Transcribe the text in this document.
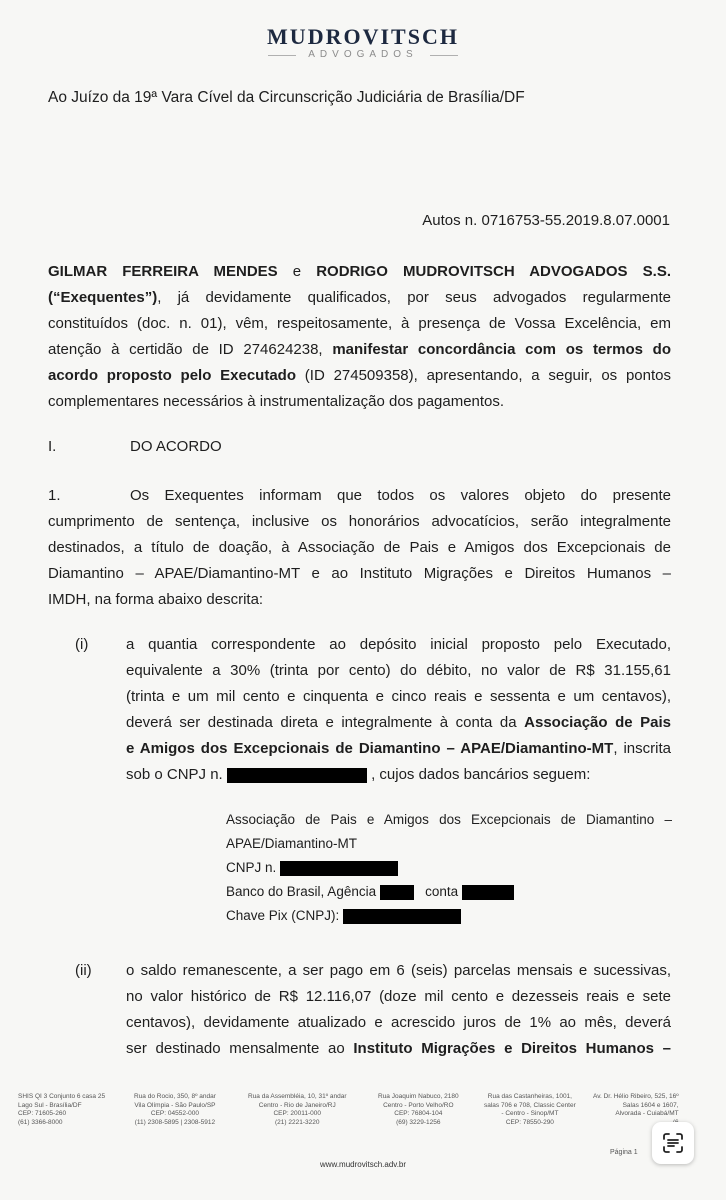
MUDROVITSCH
ADVOGADOS
Ao Juízo da 19ª Vara Cível da Circunscrição Judiciária de Brasília/DF
Autos n. 0716753-55.2019.8.07.0001
GILMAR FERREIRA MENDES e RODRIGO MUDROVITSCH ADVOGADOS S.S.
(“Exequentes”), já devidamente qualificados, por seus advogados regularmente
constituídos (doc. n. 01), vêm, respeitosamente, à presença de Vossa Excelência, em
atenção à certidão de ID 274624238, manifestar concordância com os termos do
acordo proposto pelo Executado (ID 274509358), apresentando, a seguir, os pontos
complementares necessários à instrumentalização dos pagamentos.
I.	DO ACORDO
1.	Os Exequentes informam que todos os valores objeto do presente
cumprimento de sentença, inclusive os honorários advocatícios, serão integralmente
destinados, a título de doação, à Associação de Pais e Amigos dos Excepcionais de
Diamantino – APAE/Diamantino-MT e ao Instituto Migrações e Direitos Humanos –
IMDH, na forma abaixo descrita:
(i)	a quantia correspondente ao depósito inicial proposto pelo Executado,
equivalente a 30% (trinta por cento) do débito, no valor de R$ 31.155,61
(trinta e um mil cento e cinquenta e cinco reais e sessenta e um centavos),
deverá ser destinada direta e integralmente à conta da Associação de Pais
e Amigos dos Excepcionais de Diamantino – APAE/Diamantino-MT, inscrita
sob o CNPJ n.	, cujos dados bancários seguem:
Associação de Pais e Amigos dos Excepcionais de Diamantino –
APAE/Diamantino-MT
CNPJ n.
Banco do Brasil, Agência	conta
Chave Pix (CNPJ):
(ii) o saldo remanescente, a ser pago em 6 (seis) parcelas mensais e sucessivas,
no valor histórico de R$ 12.116,07 (doze mil cento e dezesseis reais e sete
centavos), devidamente atualizado e acrescido juros de 1% ao mês, deverá
ser destinado mensalmente ao Instituto Migrações e Direitos Humanos –
SHIS QI 3 Conjunto 6 casa 25
Lago Sul - Brasília/DF
CEP: 71605-260
(61) 3366-8000
Rua do Rocio, 350, 8º andar
Vila Olímpia - São Paulo/SP
CEP: 04552-000
(11) 2308-5895 | 2308-5912
Rua da Assembléia, 10, 31º andar
Centro - Rio de Janeiro/RJ
CEP: 20011-000
(21) 2221-3220
Rua Joaquim Nabuco, 2180
Centro - Porto Velho/RO
CEP: 76804-104
(69) 3229-1256
Rua das Castanheiras, 1001,
salas 706 e 708, Classic Center
- Centro - Sinop/MT
CEP: 78550-290
Av. Dr. Hélio Ribeiro, 525, 16º
Salas 1604 e 1607,
Alvorada - Cuiabá/MT
Página 1
www.mudrovitsch.adv.br
